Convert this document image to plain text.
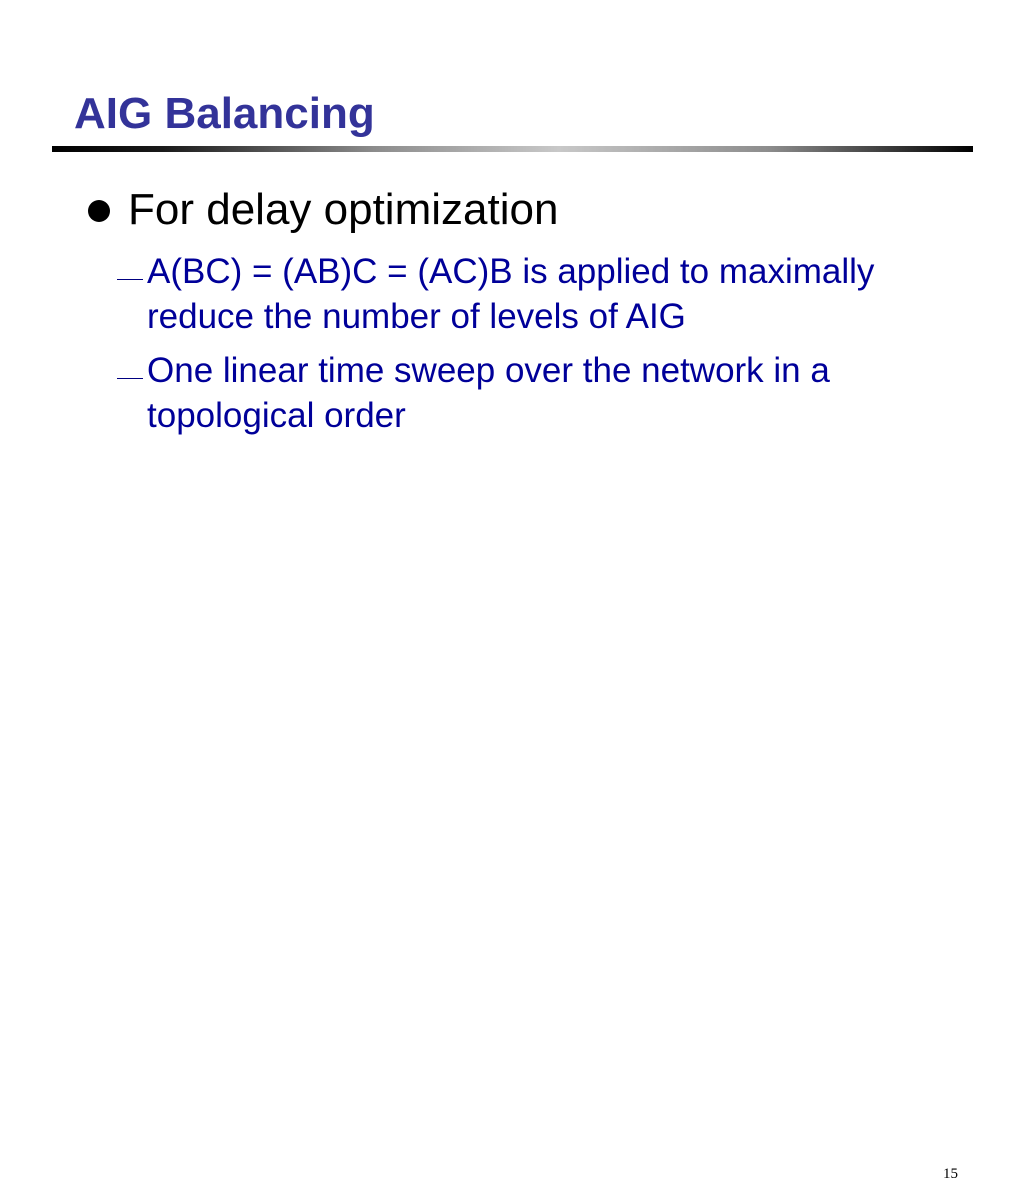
AIG Balancing
For delay optimization
A(BC) = (AB)C = (AC)B is applied to maximally reduce the number of levels of AIG
One linear time sweep over the network in a topological order
15
